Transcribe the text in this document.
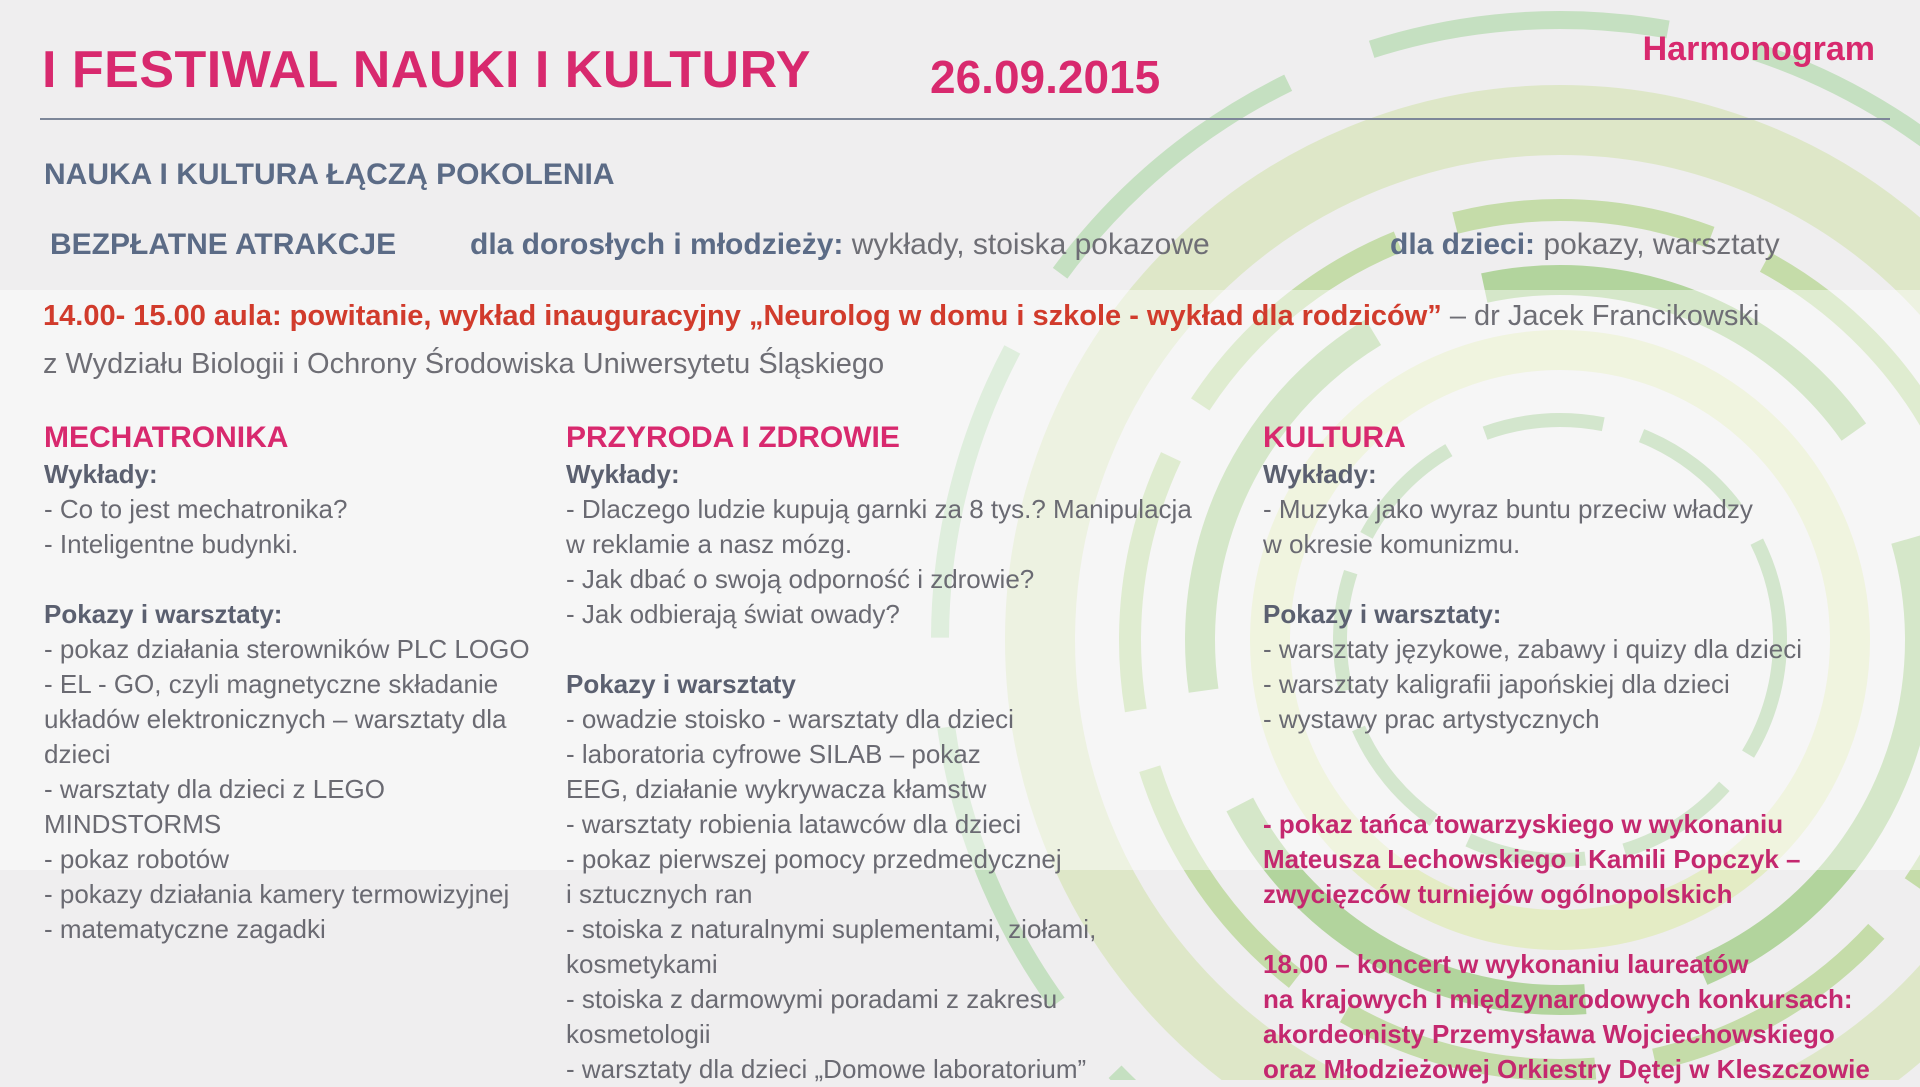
I FESTIWAL NAUKI I KULTURY	26.09.2015
Harmonogram
NAUKA I KULTURA ŁĄCZĄ POKOLENIA
BEZPŁATNE ATRAKCJE dla dorosłych i młodzieży: wykłady, stoiska pokazowe	dla dzieci: pokazy, warsztaty
14.00- 15.00 aula: powitanie, wykład inauguracyjny „Neurolog w domu i szkole - wykład dla rodziców” – dr Jacek Francikowski
z Wydziału Biologii i Ochrony Środowiska Uniwersytetu Śląskiego
MECHATRONIKA
Wykłady:
- Co to jest mechatronika?
- Inteligentne budynki.
Pokazy i warsztaty:
- pokaz działania sterowników PLC LOGO
- EL - GO, czyli magnetyczne składanie
układów elektronicznych – warsztaty dla
dzieci
- warsztaty dla dzieci z LEGO
MINDSTORMS
- pokaz robotów
- pokazy działania kamery termowizyjnej
- matematyczne zagadki
PRZYRODA I ZDROWIE
Wykłady:
- Dlaczego ludzie kupują garnki za 8 tys.? Manipulacja
w reklamie a nasz mózg.
- Jak dbać o swoją odporność i zdrowie?
- Jak odbierają świat owady?
Pokazy i warsztaty
- owadzie stoisko - warsztaty dla dzieci
- laboratoria cyfrowe SILAB – pokaz
EEG, działanie wykrywacza kłamstw
- warsztaty robienia latawców dla dzieci
- pokaz pierwszej pomocy przedmedycznej
i sztucznych ran
- stoiska z naturalnymi suplementami, ziołami,
kosmetykami
- stoiska z darmowymi poradami z zakresu
kosmetologii
- warsztaty dla dzieci „Domowe laboratorium”
KULTURA
Wykłady:
- Muzyka jako wyraz buntu przeciw władzy
w okresie komunizmu.
Pokazy i warsztaty:
- warsztaty językowe, zabawy i quizy dla dzieci
- warsztaty kaligrafii japońskiej dla dzieci
- wystawy prac artystycznych
- pokaz tańca towarzyskiego w wykonaniu
Mateusza Lechowskiego i Kamili Popczyk –
zwycięzców turniejów ogólnopolskich
18.00 – koncert w wykonaniu laureatów
na krajowych i międzynarodowych konkursach:
akordeonisty Przemysława Wojciechowskiego
oraz Młodzieżowej Orkiestry Dętej w Kleszczowie
